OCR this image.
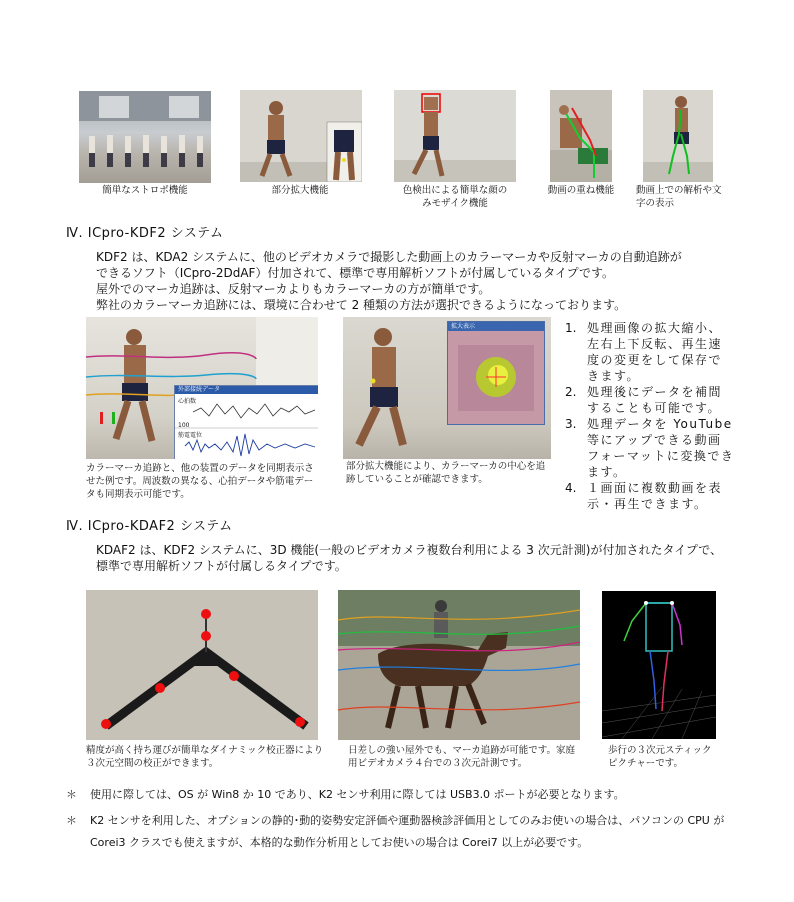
簡単なストロボ機能	部分拡大機能	色検出による簡単な顔のみモザイク機能
動画の重ね機能	動画上での解析や文字の表示
Ⅳ. ICpro-KDF2 システム
KDF2 は、KDA2 システムに、他のビデオカメラで撮影した動画上のカラーマーカや反射マーカの自動追跡が
できるソフト（ICpro-2DdAF）付加されて、標準で専用解析ソフトが付属しているタイプです。
屋外でのマーカ追跡は、反射マーカよりもカラーマーカの方が簡単です。
弊社のカラーマーカ追跡には、環境に合わせて 2 種類の方法が選択できるようになっております。
外部接続データ
心拍数
100
筋電電位
カラーマーカ追跡と、他の装置のデータを同期表示させた例です。周波数の異なる、心拍データや筋電データも同期表示可能です。
拡大表示
部分拡大機能により、カラーマーカの中心を追跡していることが確認できます。
1. 処理画像の拡大縮小、左右上下反転、再生速度の変更をして保存できます。
2. 処理後にデータを補間することも可能です。
3. 処理データを YouTube 等にアップできる動画フォーマットに変換できます。
4. １画面に複数動画を表示・再生できます。
Ⅳ. ICpro-KDAF2 システム
KDAF2 は、KDF2 システムに、3D 機能(一般のビデオカメラ複数台利用による 3 次元計測)が付加されたタイプで、
標準で専用解析ソフトが付属しるタイプです。
精度が高く持ち運びが簡単なダイナミック校正器により３次元空間の校正ができます。
日差しの強い屋外でも、マーカ追跡が可能です。家庭用ビデオカメラ４台での３次元計測です。
歩行の３次元スティックピクチャーです。
＊	使用に際しては、OS が Win8 か 10 であり、K2 センサ利用に際しては USB3.0 ポートが必要となります。
＊	K2 センサを利用した、オプションの静的･動的姿勢安定評価や運動器検診評価用としてのみお使いの場合は、パソコンの CPU が Corei3 クラスでも使えますが、本格的な動作分析用としてお使いの場合は Corei7 以上が必要です。
